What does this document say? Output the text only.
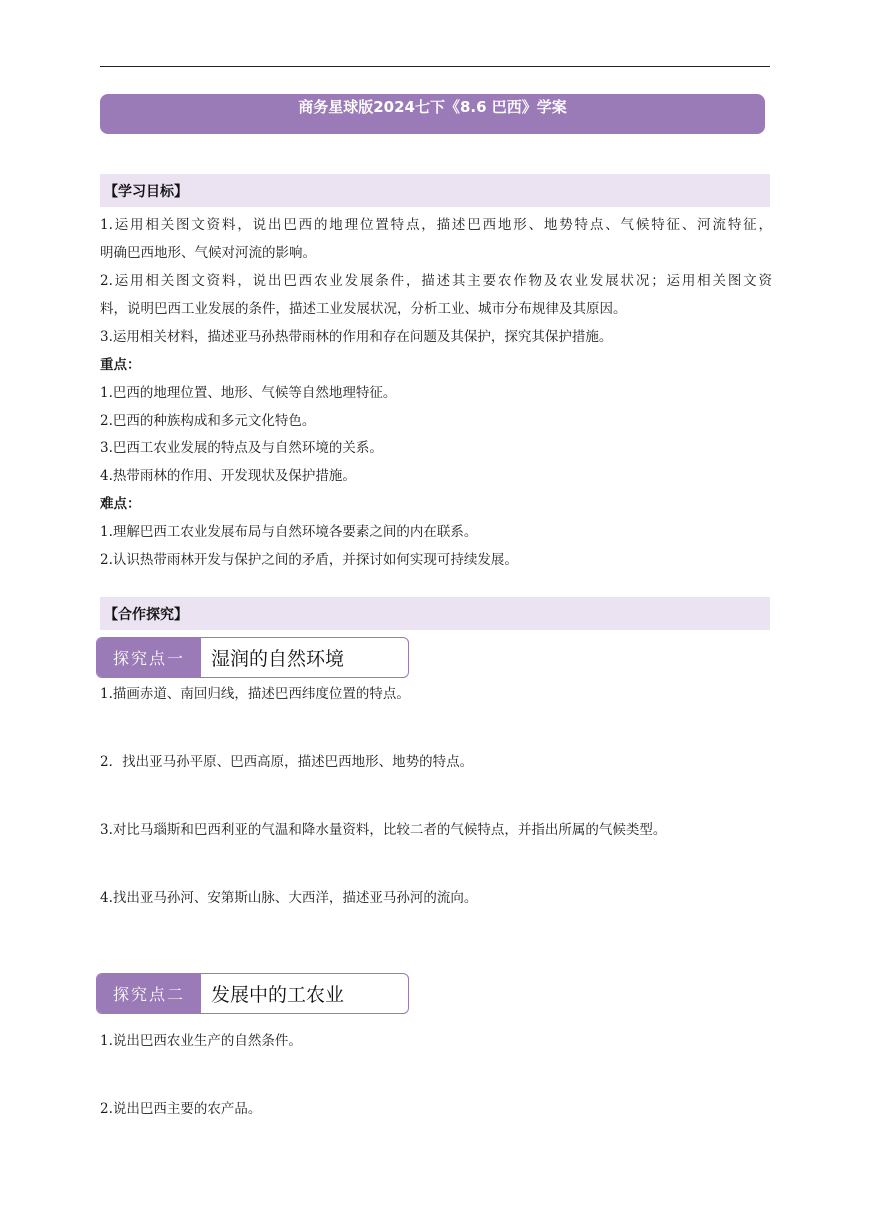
商务星球版2024七下《8.6 巴西》学案
【学习目标】
1.运用相关图文资料，说出巴西的地理位置特点，描述巴西地形、地势特点、气候特征、河流特征，
明确巴西地形、气候对河流的影响。
2.运用相关图文资料，说出巴西农业发展条件，描述其主要农作物及农业发展状况；运用相关图文资
料，说明巴西工业发展的条件，描述工业发展状况，分析工业、城市分布规律及其原因。
3.运用相关材料，描述亚马孙热带雨林的作用和存在问题及其保护，探究其保护措施。
重点：
1.巴西的地理位置、地形、气候等自然地理特征。
2.巴西的种族构成和多元文化特色。
3.巴西工农业发展的特点及与自然环境的关系。
4.热带雨林的作用、开发现状及保护措施。
难点：
1.理解巴西工农业发展布局与自然环境各要素之间的内在联系。
2.认识热带雨林开发与保护之间的矛盾，并探讨如何实现可持续发展。
【合作探究】
探究点一	湿润的自然环境
1.描画赤道、南回归线，描述巴西纬度位置的特点。
2．找出亚马孙平原、巴西高原，描述巴西地形、地势的特点。
3.对比马瑙斯和巴西利亚的气温和降水量资料，比较二者的气候特点，并指出所属的气候类型。
4.找出亚马孙河、安第斯山脉、大西洋，描述亚马孙河的流向。
探究点二	发展中的工农业
1.说出巴西农业生产的自然条件。
2.说出巴西主要的农产品。
